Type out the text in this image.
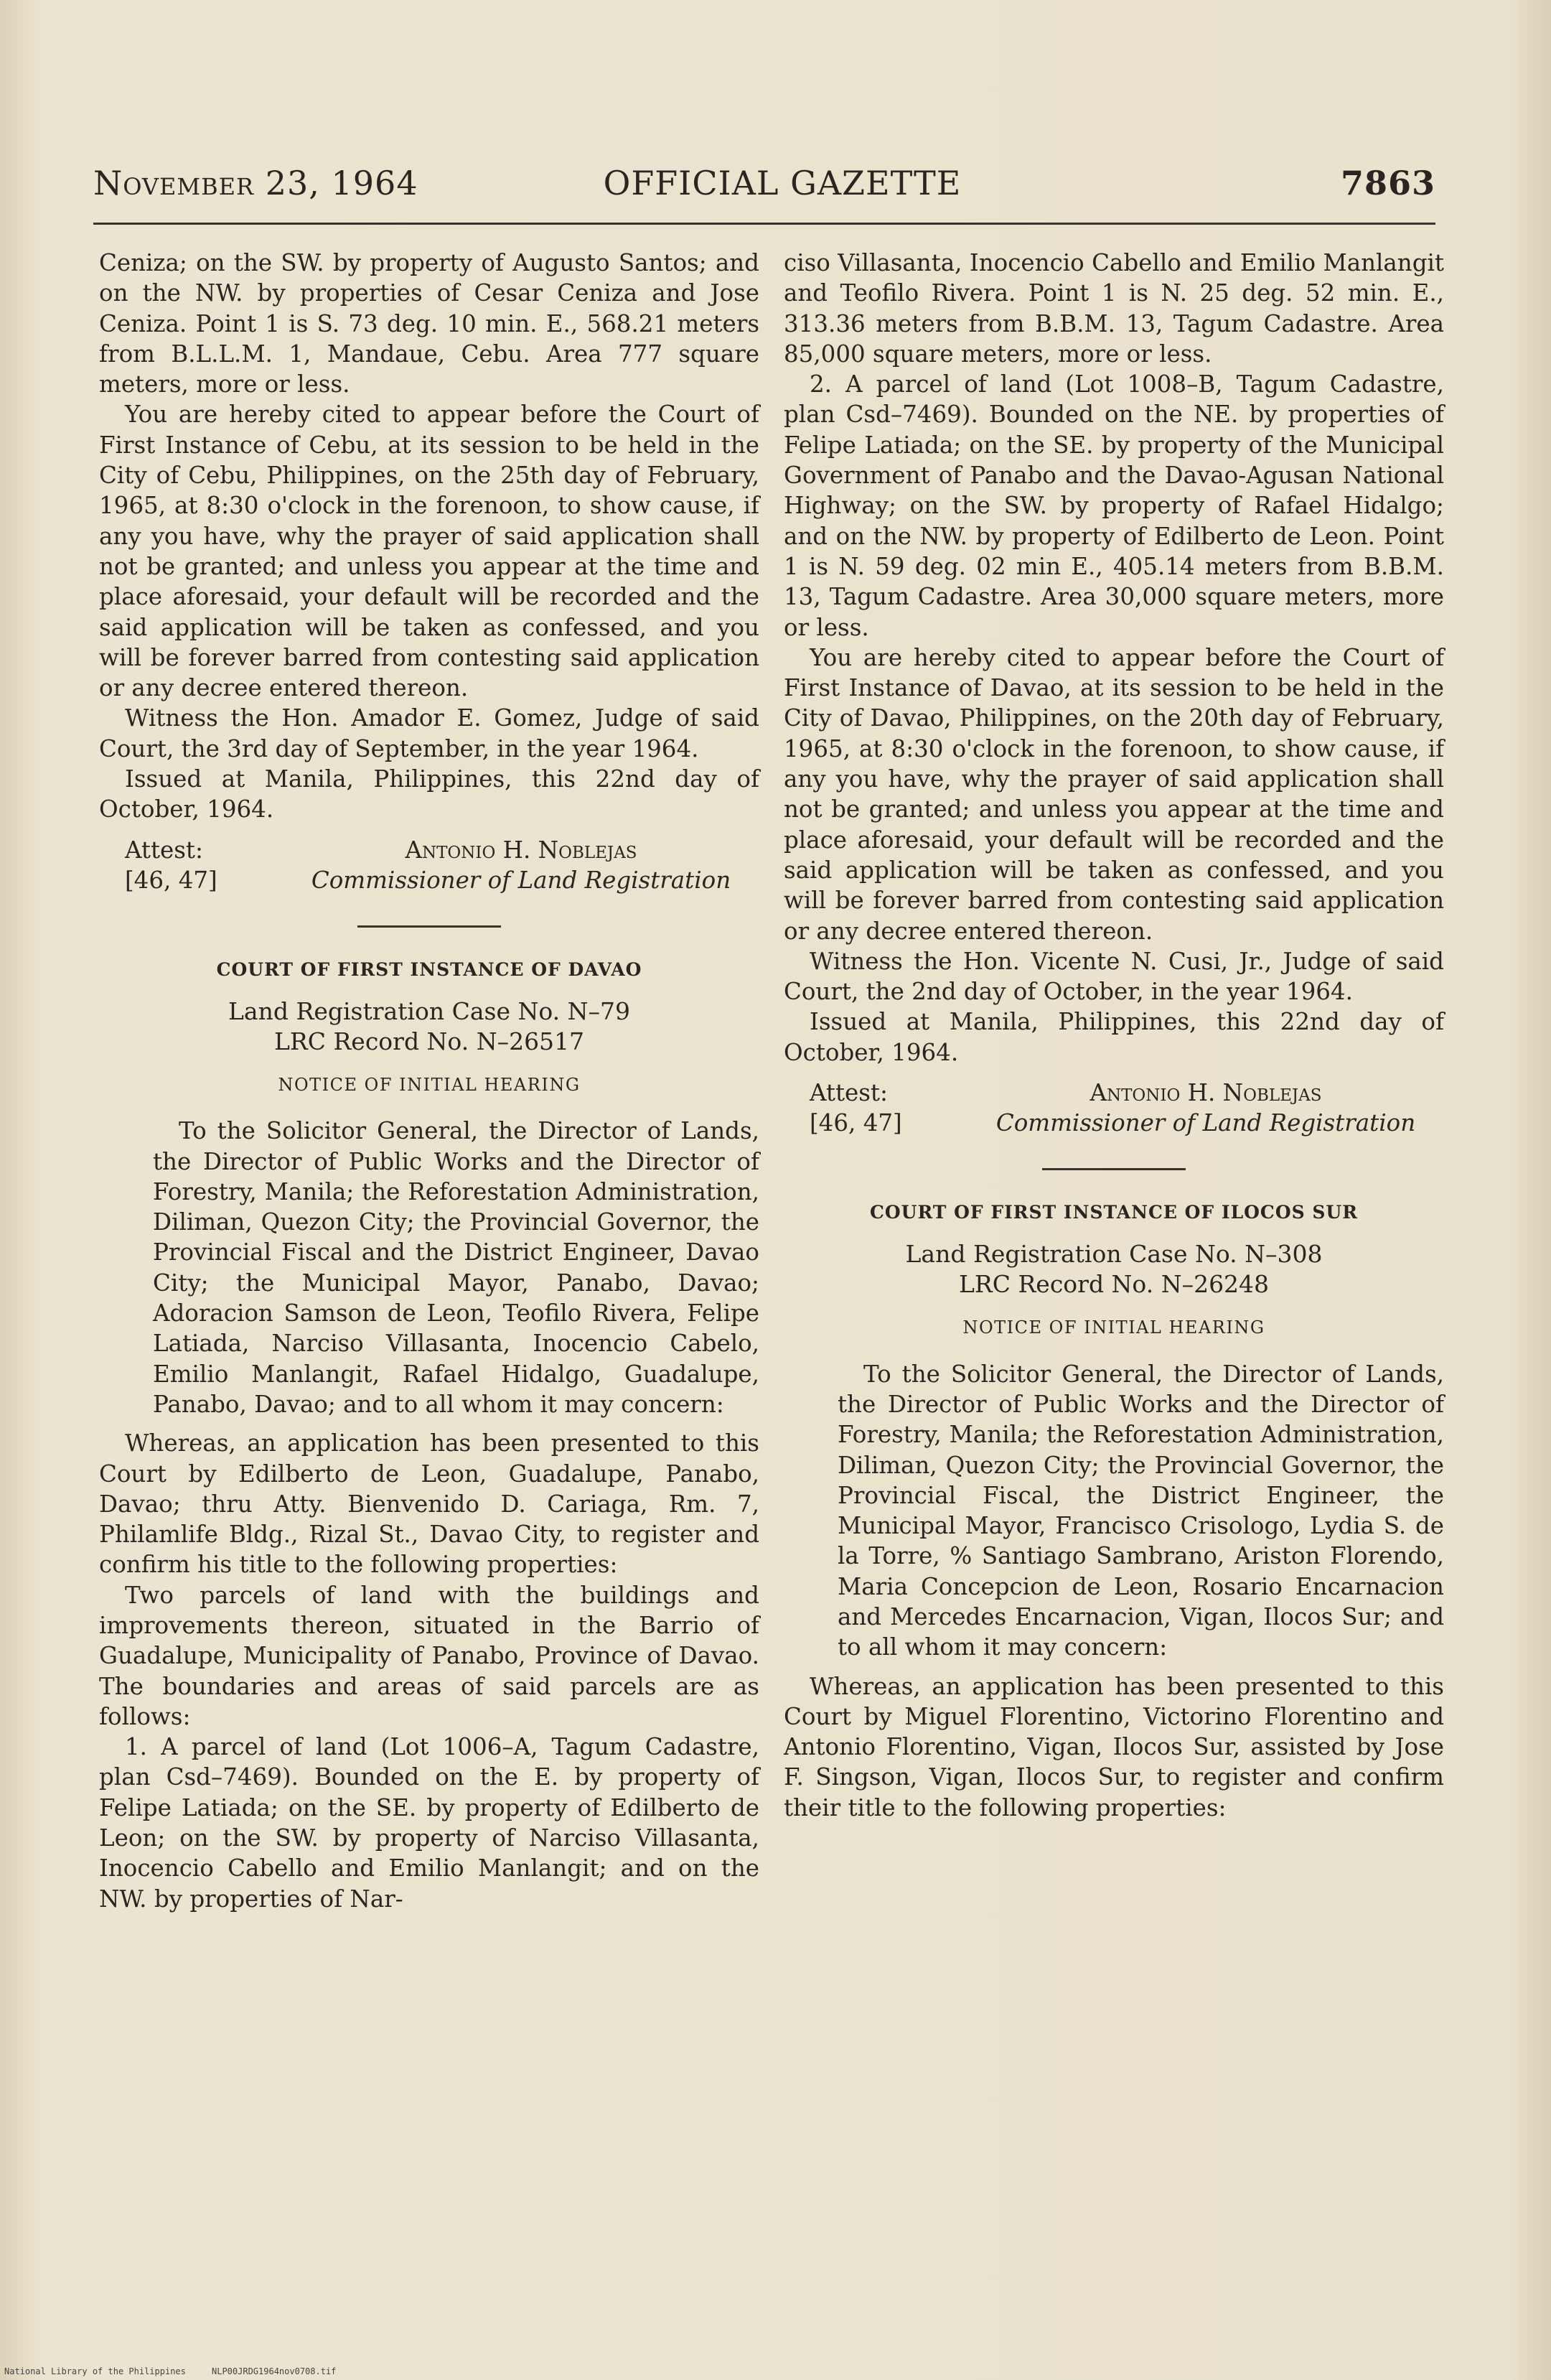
November 23, 1964	OFFICIAL GAZETTE	7863

Ceniza; on the SW. by property of Augusto Santos; and on the NW. by properties of Cesar Ceniza and Jose Ceniza. Point 1 is S. 73 deg. 10 min. E., 568.21 meters from B.L.L.M. 1, Mandaue, Cebu. Area 777 square meters, more or less.

You are hereby cited to appear before the Court of First Instance of Cebu, at its session to be held in the City of Cebu, Philippines, on the 25th day of February, 1965, at 8:30 o'clock in the forenoon, to show cause, if any you have, why the prayer of said application shall not be granted; and unless you appear at the time and place aforesaid, your default will be recorded and the said application will be taken as confessed, and you will be forever barred from contesting said application or any decree entered thereon.

Witness the Hon. Amador E. Gomez, Judge of said Court, the 3rd day of September, in the year 1964.

Issued at Manila, Philippines, this 22nd day of October, 1964.

Attest:	Antonio H. Noblejas
[46, 47]	Commissioner of Land Registration
COURT OF FIRST INSTANCE OF DAVAO
Land Registration Case No. N–79
LRC Record No. N–26517
NOTICE OF INITIAL HEARING

To the Solicitor General, the Director of Lands, the Director of Public Works and the Director of Forestry, Manila; the Reforestation Administration, Diliman, Quezon City; the Provincial Governor, the Provincial Fiscal and the District Engineer, Davao City; the Municipal Mayor, Panabo, Davao; Adoracion Samson de Leon, Teofilo Rivera, Felipe Latiada, Narciso Villasanta, Inocencio Cabelo, Emilio Manlangit, Rafael Hidalgo, Guadalupe, Panabo, Davao; and to all whom it may concern:

Whereas, an application has been presented to this Court by Edilberto de Leon, Guadalupe, Panabo, Davao; thru Atty. Bienvenido D. Cariaga, Rm. 7, Philamlife Bldg., Rizal St., Davao City, to register and confirm his title to the following properties:

Two parcels of land with the buildings and improvements thereon, situated in the Barrio of Guadalupe, Municipality of Panabo, Province of Davao. The boundaries and areas of said parcels are as follows:

1. A parcel of land (Lot 1006–A, Tagum Cadastre, plan Csd–7469). Bounded on the E. by property of Felipe Latiada; on the SE. by property of Edilberto de Leon; on the SW. by property of Narciso Villasanta, Inocencio Cabello and Emilio Manlangit; and on the NW. by properties of Nar-

ciso Villasanta, Inocencio Cabello and Emilio Manlangit and Teofilo Rivera. Point 1 is N. 25 deg. 52 min. E., 313.36 meters from B.B.M. 13, Tagum Cadastre. Area 85,000 square meters, more or less.

2. A parcel of land (Lot 1008–B, Tagum Cadastre, plan Csd–7469). Bounded on the NE. by properties of Felipe Latiada; on the SE. by property of the Municipal Government of Panabo and the Davao-Agusan National Highway; on the SW. by property of Rafael Hidalgo; and on the NW. by property of Edilberto de Leon. Point 1 is N. 59 deg. 02 min E., 405.14 meters from B.B.M. 13, Tagum Cadastre. Area 30,000 square meters, more or less.

You are hereby cited to appear before the Court of First Instance of Davao, at its session to be held in the City of Davao, Philippines, on the 20th day of February, 1965, at 8:30 o'clock in the forenoon, to show cause, if any you have, why the prayer of said application shall not be granted; and unless you appear at the time and place aforesaid, your default will be recorded and the said application will be taken as confessed, and you will be forever barred from contesting said application or any decree entered thereon.

Witness the Hon. Vicente N. Cusi, Jr., Judge of said Court, the 2nd day of October, in the year 1964.

Issued at Manila, Philippines, this 22nd day of October, 1964.

Attest:	Antonio H. Noblejas
[46, 47]	Commissioner of Land Registration
COURT OF FIRST INSTANCE OF ILOCOS SUR
Land Registration Case No. N–308
LRC Record No. N–26248
NOTICE OF INITIAL HEARING

To the Solicitor General, the Director of Lands, the Director of Public Works and the Director of Forestry, Manila; the Reforestation Administration, Diliman, Quezon City; the Provincial Governor, the Provincial Fiscal, the District Engineer, the Municipal Mayor, Francisco Crisologo, Lydia S. de la Torre, % Santiago Sambrano, Ariston Florendo, Maria Concepcion de Leon, Rosario Encarnacion and Mercedes Encarnacion, Vigan, Ilocos Sur; and to all whom it may concern:

Whereas, an application has been presented to this Court by Miguel Florentino, Victorino Florentino and Antonio Florentino, Vigan, Ilocos Sur, assisted by Jose F. Singson, Vigan, Ilocos Sur, to register and confirm their title to the following properties:

National Library of the Philippines	NLP00JRDG1964nov0708.tif
